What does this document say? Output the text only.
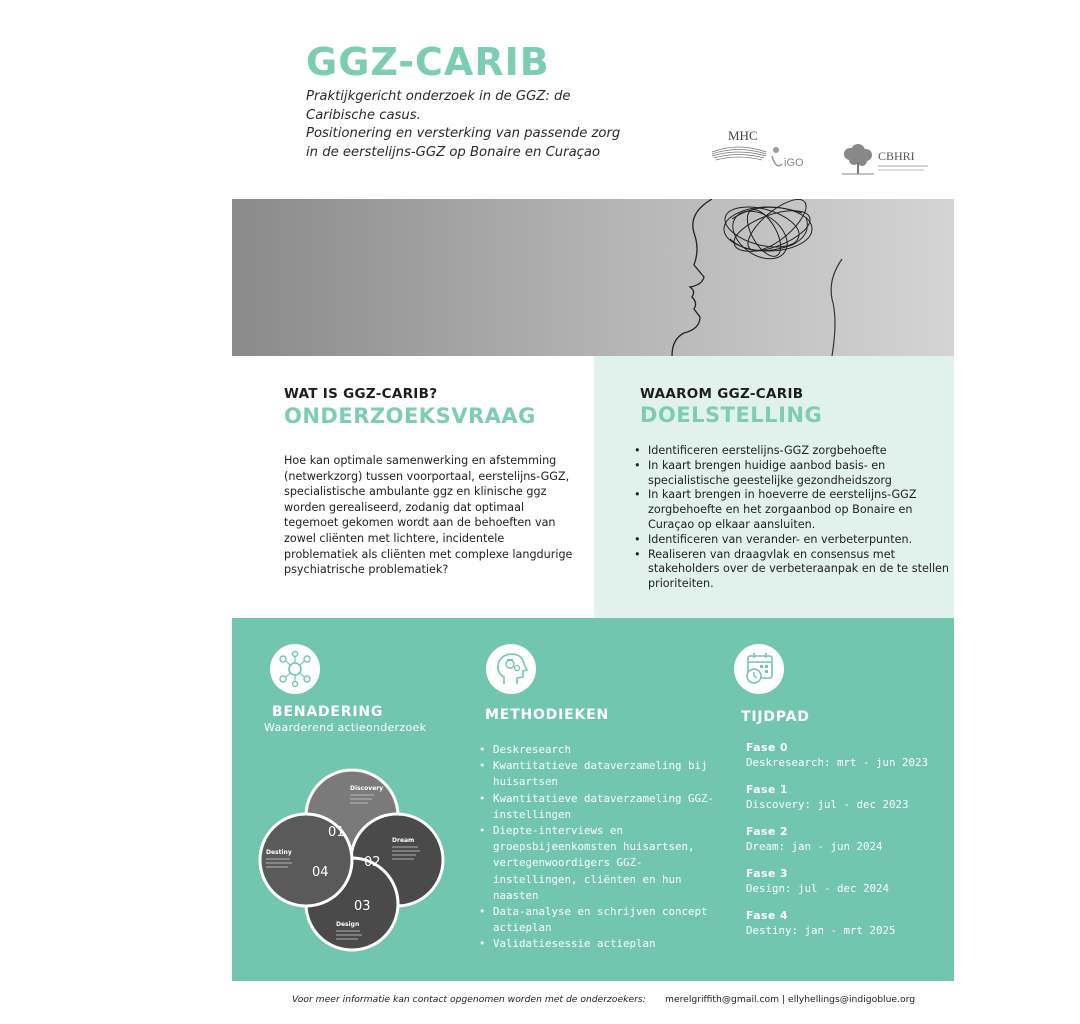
GGZ-CARIB
Praktijkgericht onderzoek in de GGZ: de
Caribische casus.
Positionering en versterking van passende zorg
in de eerstelijns-GGZ op Bonaire en Curaçao
MHC
iGO	CBHRI
WAT IS GGZ-CARIB?
ONDERZOEKSVRAAG
Hoe kan optimale samenwerking en afstemming (netwerkzorg) tussen voorportaal, eerstelijns-GGZ, specialistische ambulante ggz en klinische ggz worden gerealiseerd, zodanig dat optimaal tegemoet gekomen wordt aan de behoeften van zowel cliënten met lichtere, incidentele problematiek als cliënten met complexe langdurige psychiatrische problematiek?
WAAROM GGZ-CARIB
DOELSTELLING
• Identificeren eerstelijns-GGZ zorgbehoefte
• In kaart brengen huidige aanbod basis- en specialistische geestelijke gezondheidszorg
• In kaart brengen in hoeverre de eerstelijns-GGZ zorgbehoefte en het zorgaanbod op Bonaire en Curaçao op elkaar aansluiten.
• Identificeren van verander- en verbeterpunten.
• Realiseren van draagvlak en consensus met stakeholders over de verbeteraanpak en de te stellen prioriteiten.
BENADERING
Waarderend actieonderzoek
Discovery
01
Dream
02
03
Design
04
Destiny
METHODIEKEN
• Deskresearch
• Kwantitatieve dataverzameling bij huisartsen
• Kwantitatieve dataverzameling GGZ-instellingen
• Diepte-interviews en groepsbijeenkomsten huisartsen, vertegenwoordigers GGZ-instellingen, cliënten en hun naasten
• Data-analyse en schrijven concept actieplan
• Validatiesessie actieplan
TIJDPAD
Fase 0
Deskresearch: mrt - jun 2023
Fase 1
Discovery: jul - dec 2023
Fase 2
Dream: jan - jun 2024
Fase 3
Design: jul - dec 2024
Fase 4
Destiny: jan - mrt 2025
Voor meer informatie kan contact opgenomen worden met de onderzoekers: merelgriffith@gmail.com | ellyhellings@indigoblue.org
